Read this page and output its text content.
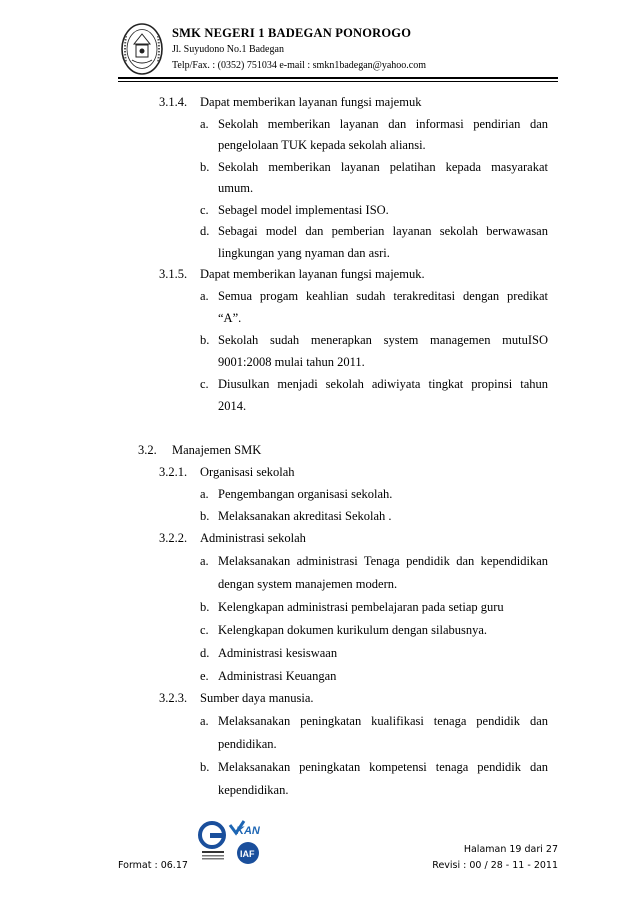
SMK NEGERI 1 BADEGAN PONOROGO
Jl. Suyudono No.1 Badegan
Telp/Fax. : (0352) 751034 e-mail : smkn1badegan@yahoo.com
3.1.4. Dapat memberikan layanan fungsi majemuk
a. Sekolah memberikan layanan dan informasi pendirian dan
pengelolaan TUK kepada sekolah aliansi.
b. Sekolah memberikan layanan pelatihan kepada masyarakat
umum.
c. Sebagel model implementasi ISO.
d. Sebagai model dan pemberian layanan sekolah berwawasan
lingkungan yang nyaman dan asri.
3.1.5. Dapat memberikan layanan fungsi majemuk.
a. Semua progam keahlian sudah terakreditasi dengan predikat
“A”.
b. Sekolah sudah menerapkan system managemen mutuISO
9001:2008 mulai tahun 2011.
c. Diusulkan menjadi sekolah adiwiyata tingkat propinsi tahun
2014.
3.2. Manajemen SMK
3.2.1. Organisasi sekolah
a. Pengembangan organisasi sekolah.
b. Melaksanakan akreditasi Sekolah .
3.2.2. Administrasi sekolah
a. Melaksanakan administrasi Tenaga pendidik dan kependidikan
dengan system manajemen modern.
b. Kelengkapan administrasi pembelajaran pada setiap guru
c. Kelengkapan dokumen kurikulum dengan silabusnya.
d. Administrasi kesiswaan
e. Administrasi Keuangan
3.2.3. Sumber daya manusia.
a. Melaksanakan peningkatan kualifikasi tenaga pendidik dan
pendidikan.
b. Melaksanakan peningkatan kompetensi tenaga pendidik dan
kependidikan.
KAN
IAF	Halaman 19 dari 27
Format : 06.17	Revisi : 00 / 28 - 11 - 2011
